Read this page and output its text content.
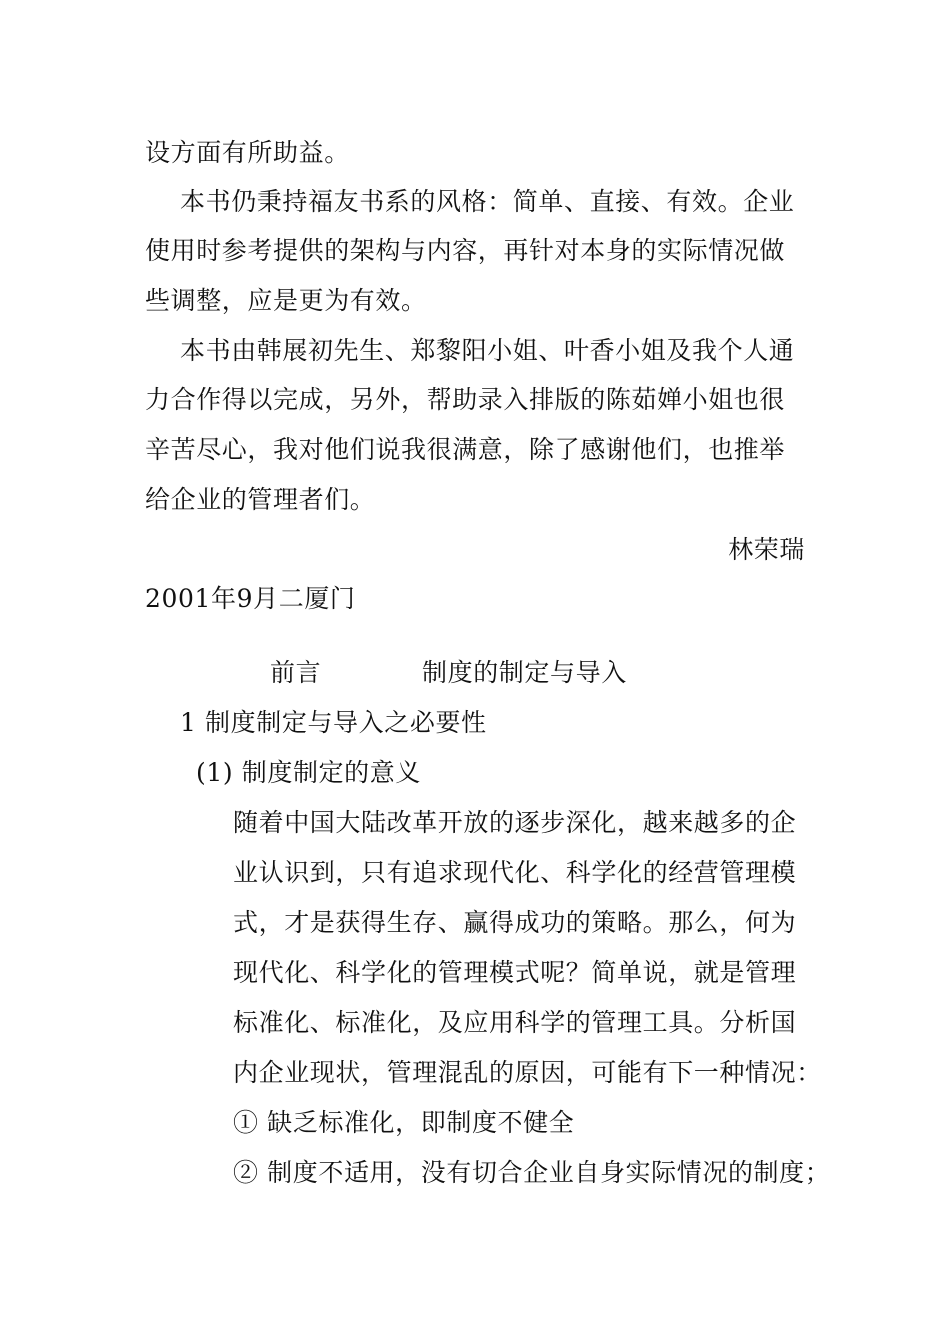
设方面有所助益。
本书仍秉持福友书系的风格：简单、直接、有效。企业
使用时参考提供的架构与内容，再针对本身的实际情况做
些调整，应是更为有效。
本书由韩展初先生、郑黎阳小姐、叶香小姐及我个人通
力合作得以完成，另外，帮助录入排版的陈茹婵小姐也很
辛苦尽心，我对他们说我很满意，除了感谢他们，也推举
给企业的管理者们。
林荣瑞
2001年9月二厦门
前言	制度的制定与导入
1 制度制定与导入之必要性
(1) 制度制定的意义
随着中国大陆改革开放的逐步深化，越来越多的企
业认识到，只有追求现代化、科学化的经营管理模
式，才是获得生存、赢得成功的策略。那么，何为
现代化、科学化的管理模式呢？简单说，就是管理
标准化、标准化，及应用科学的管理工具。分析国
内企业现状，管理混乱的原因，可能有下一种情况：
① 缺乏标准化，即制度不健全
② 制度不适用，没有切合企业自身实际情况的制度；
